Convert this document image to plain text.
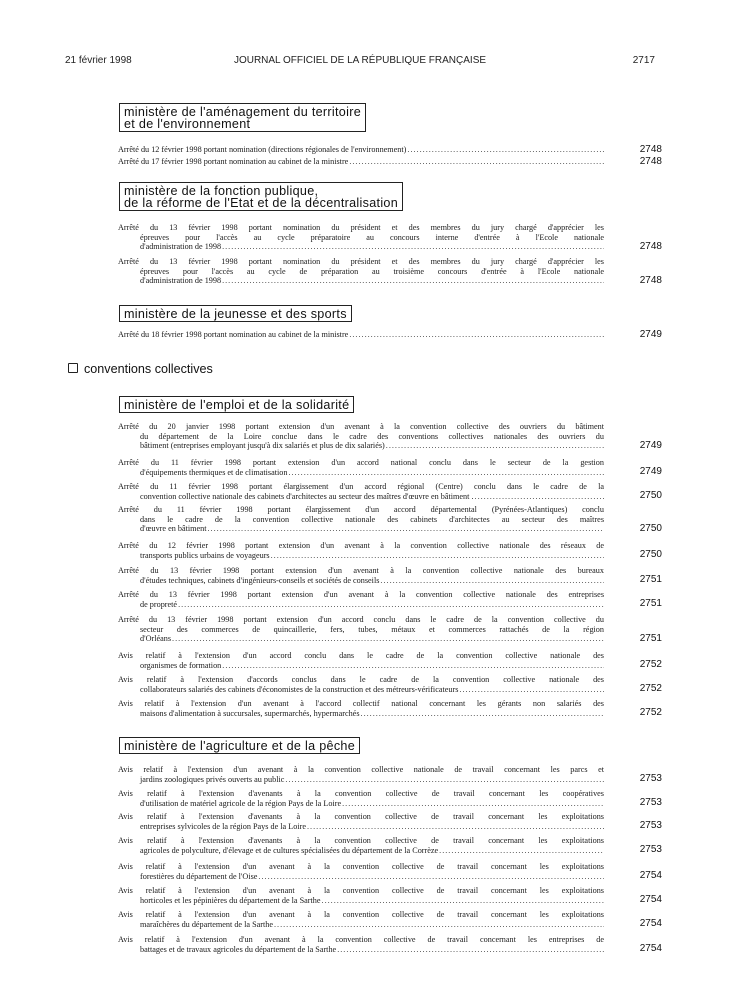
21 février 1998	JOURNAL OFFICIEL DE LA RÉPUBLIQUE FRANÇAISE	2717
conventions collectives
ministère de l'aménagement du territoire
et de l'environnement
Arrêté du 12 février 1998 portant nomination (directions régionales de l'environnement) .....	2748
Arrêté du 17 février 1998 portant nomination au cabinet de la ministre .....	2748
ministère de la fonction publique,
de la réforme de l'Etat et de la décentralisation
Arrêté du 13 février 1998 portant nomination du président et des membres du jury chargé d'apprécier les
épreuves pour l'accès au cycle préparatoire au concours interne d'entrée à l'Ecole nationale
d'administration de 1998 .....	2748
Arrêté du 13 février 1998 portant nomination du président et des membres du jury chargé d'apprécier les
épreuves pour l'accès au cycle de préparation au troisième concours d'entrée à l'Ecole nationale
d'administration de 1998 .....	2748
ministère de la jeunesse et des sports
Arrêté du 18 février 1998 portant nomination au cabinet de la ministre .....	2749
ministère de l'emploi et de la solidarité
Arrêté du 20 janvier 1998 portant extension d'un avenant à la convention collective des ouvriers du bâtiment
du département de la Loire conclue dans le cadre des conventions collectives nationales des ouvriers du
bâtiment (entreprises employant jusqu'à dix salariés et plus de dix salariés) .....	2749
Arrêté du 11 février 1998 portant extension d'un accord national conclu dans le secteur de la gestion
d'équipements thermiques et de climatisation .....	2749
Arrêté du 11 février 1998 portant élargissement d'un accord régional (Centre) conclu dans le cadre de la
convention collective nationale des cabinets d'architectes au secteur des maîtres d'œuvre en bâtiment . .....	2750
Arrêté du 11 février 1998 portant élargissement d'un accord départemental (Pyrénées-Atlantiques) conclu
dans le cadre de la convention collective nationale des cabinets d'architectes au secteur des maîtres
d'œuvre en bâtiment .....	2750
Arrêté du 12 février 1998 portant extension d'un avenant à la convention collective nationale des réseaux de
transports publics urbains de voyageurs .....	2750
Arrêté du 13 février 1998 portant extension d'un avenant à la convention collective nationale des bureaux
d'études techniques, cabinets d'ingénieurs-conseils et sociétés de conseils .....	2751
Arrêté du 13 février 1998 portant extension d'un avenant à la convention collective nationale des entreprises
de propreté .....	2751
Arrêté du 13 février 1998 portant extension d'un accord conclu dans le cadre de la convention collective du
secteur des commerces de quincaillerie, fers, tubes, métaux et commerces rattachés de la région
d'Orléans .....	2751
Avis relatif à l'extension d'un accord conclu dans le cadre de la convention collective nationale des
organismes de formation .....	2752
Avis relatif à l'extension d'accords conclus dans le cadre de la convention collective nationale des
collaborateurs salariés des cabinets d'économistes de la construction et des métreurs-vérificateurs .....	2752
Avis relatif à l'extension d'un avenant à l'accord collectif national concernant les gérants non salariés des
maisons d'alimentation à succursales, supermarchés, hypermarchés .....	2752
ministère de l'agriculture et de la pêche
Avis relatif à l'extension d'un avenant à la convention collective nationale de travail concernant les parcs et
jardins zoologiques privés ouverts au public .....	2753
Avis relatif à l'extension d'avenants à la convention collective de travail concernant les coopératives
d'utilisation de matériel agricole de la région Pays de la Loire .....	2753
Avis relatif à l'extension d'avenants à la convention collective de travail concernant les exploitations
entreprises sylvicoles de la région Pays de la Loire .....	2753
Avis relatif à l'extension d'avenants à la convention collective de travail concernant les exploitations
agricoles de polyculture, d'élevage et de cultures spécialisées du département de la Corrèze .....	2753
Avis relatif à l'extension d'un avenant à la convention collective de travail concernant les exploitations
forestières du département de l'Oise .....	2754
Avis relatif à l'extension d'un avenant à la convention collective de travail concernant les exploitations
horticoles et les pépinières du département de la Sarthe .....	2754
Avis relatif à l'extension d'un avenant à la convention collective de travail concernant les exploitations
maraîchères du département de la Sarthe .....	2754
Avis relatif à l'extension d'un avenant à la convention collective de travail concernant les entreprises de
battages et de travaux agricoles du département de la Sarthe .....	2754
